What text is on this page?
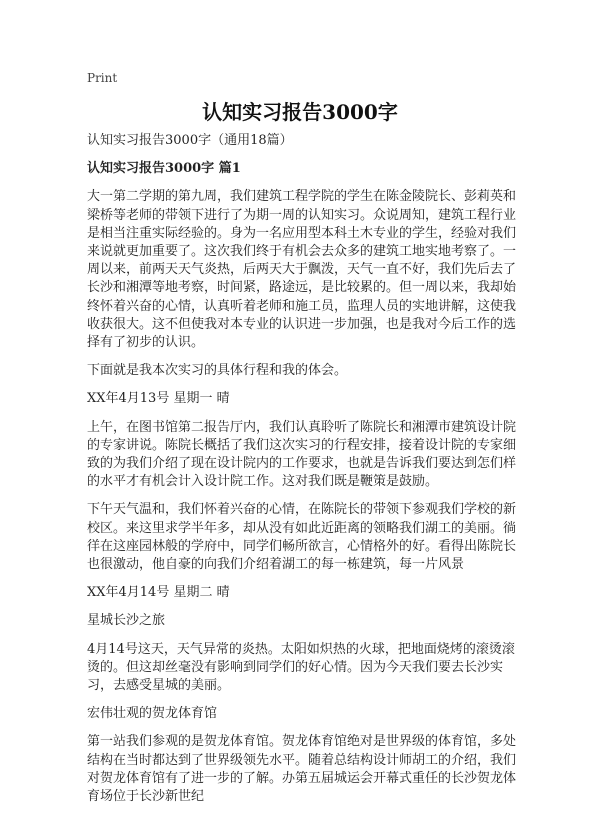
Print
认知实习报告3000字

认知实习报告3000字（通用18篇）

认知实习报告3000字 篇1

大一第二学期的第九周，我们建筑工程学院的学生在陈金陵院长、彭莉英和梁桥等老师的带领下进行了为期一周的认知实习。众说周知，建筑工程行业是相当注重实际经验的。身为一名应用型本科土木专业的学生，经验对我们来说就更加重要了。这次我们终于有机会去众多的建筑工地实地考察了。一周以来，前两天天气炎热，后两天大于飘泼，天气一直不好，我们先后去了长沙和湘潭等地考察，时间紧，路途远，是比较累的。但一周以来，我却始终怀着兴奋的心情，认真听着老师和施工员，监理人员的实地讲解，这使我收获很大。这不但使我对本专业的认识进一步加强，也是我对今后工作的选择有了初步的认识。

下面就是我本次实习的具体行程和我的体会。

XX年4月13号 星期一 晴

上午，在图书馆第二报告厅内，我们认真聆听了陈院长和湘潭市建筑设计院的专家讲说。陈院长概括了我们这次实习的行程安排，接着设计院的专家细致的为我们介绍了现在设计院内的工作要求，也就是告诉我们要达到怎们样的水平才有机会计入设计院工作。这对我们既是鞭策是鼓励。

下午天气温和，我们怀着兴奋的心情，在陈院长的带领下参观我们学校的新校区。来这里求学半年多，却从没有如此近距离的领略我们湖工的美丽。徜徉在这座园林般的学府中，同学们畅所欲言，心情格外的好。看得出陈院长也很激动，他自豪的向我们介绍着湖工的每一栋建筑，每一片风景

XX年4月14号 星期二 晴

星城长沙之旅

4月14号这天，天气异常的炎热。太阳如炽热的火球，把地面烧烤的滚烫滚烫的。但这却丝毫没有影响到同学们的好心情。因为今天我们要去长沙实习，去感受星城的美丽。

宏伟壮观的贺龙体育馆

第一站我们参观的是贺龙体育馆。贺龙体育馆绝对是世界级的体育馆，多处结构在当时都达到了世界级领先水平。随着总结构设计师胡工的介绍，我们对贺龙体育馆有了进一步的了解。办第五届城运会开幕式重任的长沙贺龙体育场位于长沙新世纪
